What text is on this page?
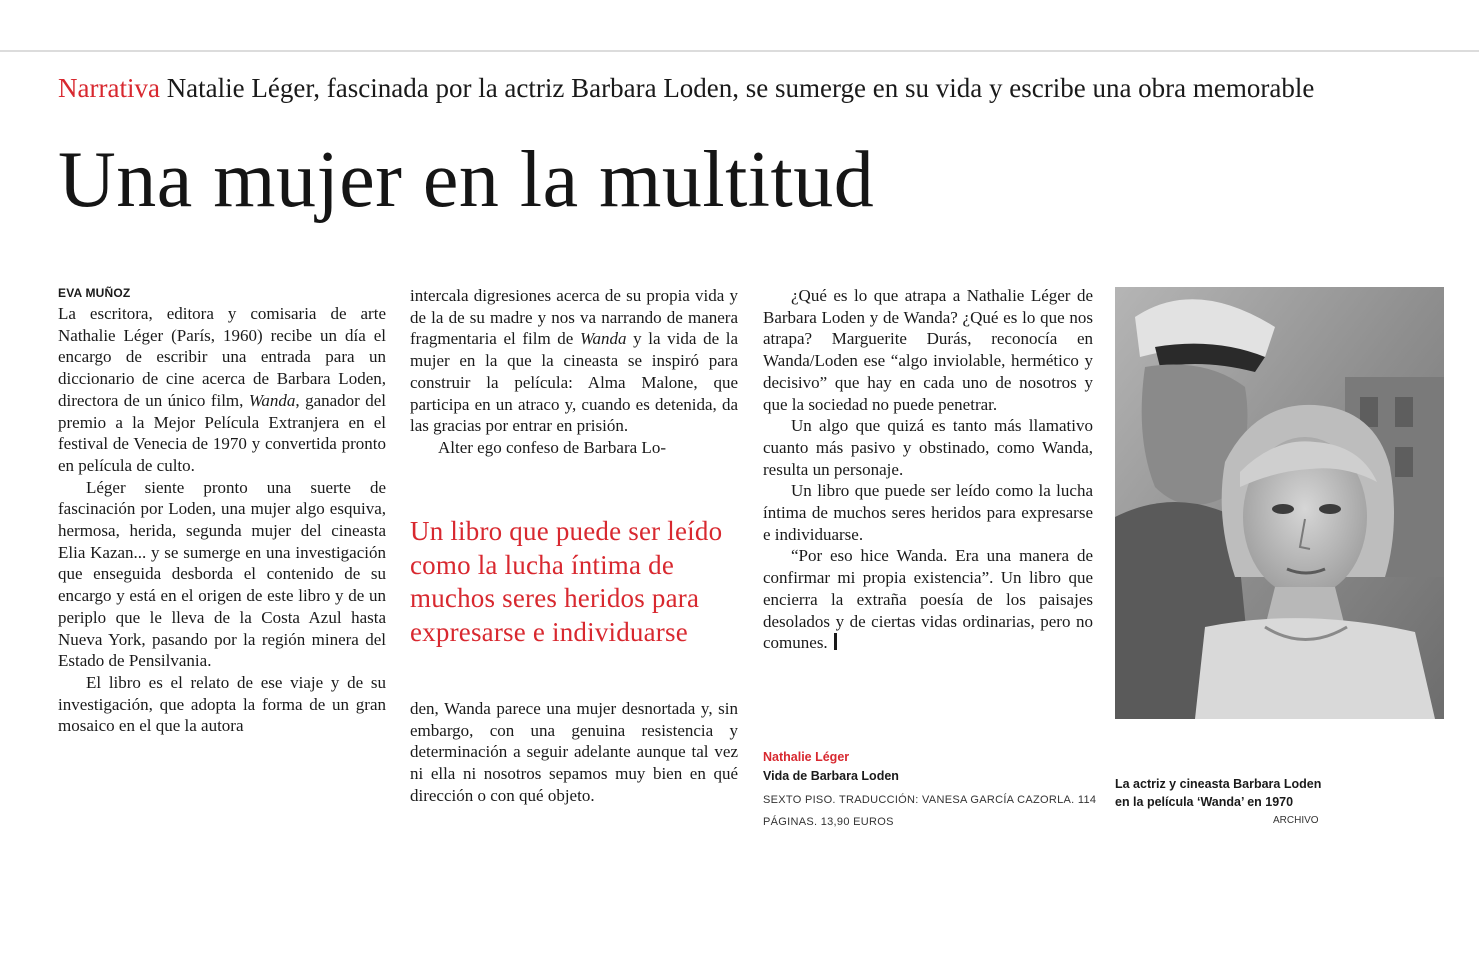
Narrativa Natalie Léger, fascinada por la actriz Barbara Loden, se sumerge en su vida y escribe una obra memorable
Una mujer en la multitud
EVA MUÑOZ

La escritora, editora y comisaria de arte Nathalie Léger (París, 1960) recibe un día el encargo de escribir una entrada para un diccionario de cine acerca de Barbara Loden, directora de un único film, Wanda, ganador del premio a la Mejor Película Extranjera en el festival de Venecia de 1970 y convertida pronto en película de culto.

Léger siente pronto una suerte de fascinación por Loden, una mujer algo esquiva, hermosa, herida, segunda mujer del cineasta Elia Kazan... y se sumerge en una investigación que enseguida desborda el contenido de su encargo y está en el origen de este libro y de un periplo que le lleva de la Costa Azul hasta Nueva York, pasando por la región minera del Estado de Pensilvania.

El libro es el relato de ese viaje y de su investigación, que adopta la forma de un gran mosaico en el que la autora

intercala digresiones acerca de su propia vida y de la de su madre y nos va narrando de manera fragmentaria el film de Wanda y la vida de la mujer en la que la cineasta se inspiró para construir la película: Alma Malone, que participa en un atraco y, cuando es detenida, da las gracias por entrar en prisión.

Alter ego confeso de Barbara Lo-

Un libro que puede ser leído como la lucha íntima de muchos seres heridos para expresarse e individuarse

den, Wanda parece una mujer desnortada y, sin embargo, con una genuina resistencia y determinación a seguir adelante aunque tal vez ni ella ni nosotros sepamos muy bien en qué dirección o con qué objeto.

¿Qué es lo que atrapa a Nathalie Léger de Barbara Loden y de Wanda? ¿Qué es lo que nos atrapa? Marguerite Durás, reconocía en Wanda/Loden ese “algo inviolable, hermético y decisivo” que hay en cada uno de nosotros y que la sociedad no puede penetrar.

Un algo que quizá es tanto más llamativo cuanto más pasivo y obstinado, como Wanda, resulta un personaje.

Un libro que puede ser leído como la lucha íntima de muchos seres heridos para expresarse e individuarse.

“Por eso hice Wanda. Era una manera de confirmar mi propia existencia”. Un libro que encierra la extraña poesía de los paisajes desolados y de ciertas vidas ordinarias, pero no comunes.

Nathalie Léger
Vida de Barbara Loden
SEXTO PISO. TRADUCCIÓN: VANESA GARCÍA CAZORLA. 114 PÁGINAS. 13,90 EUROS
La actriz y cineasta Barbara Loden en la película ‘Wanda’ en 1970
ARCHIVO
